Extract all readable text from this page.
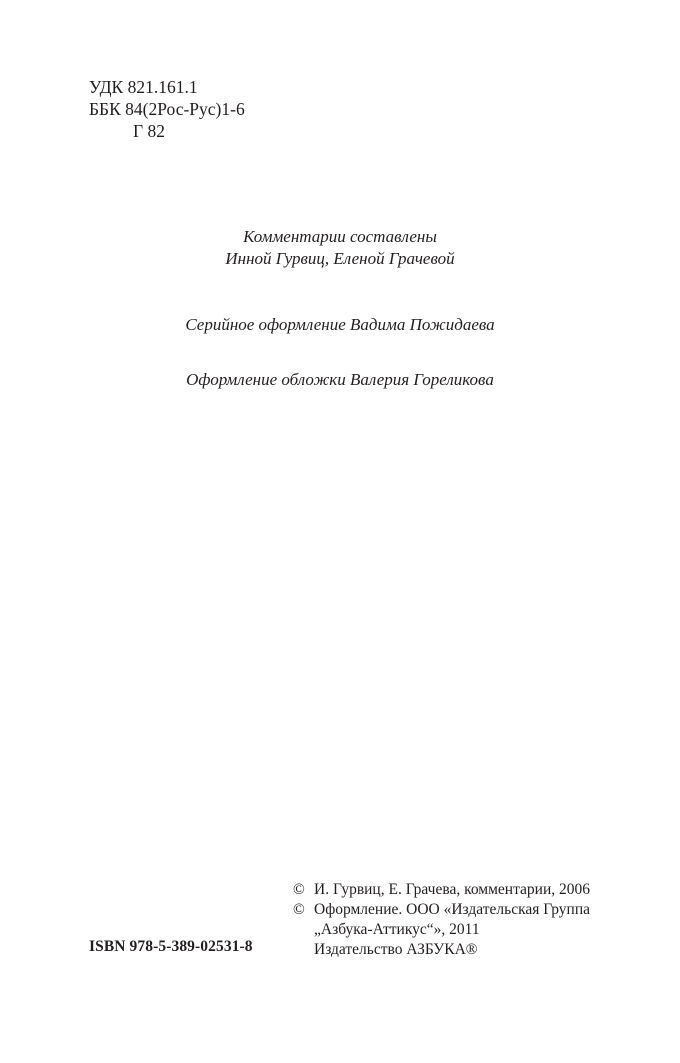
УДК 821.161.1
ББК 84(2Рос-Рус)1-6
Г 82
Комментарии составлены
Инной Гурвиц, Еленой Грачевой
Серийное оформление Вадима Пожидаева
Оформление обложки Валерия Гореликова
ISBN 978-5-389-02531-8
© И. Гурвиц, Е. Грачева, комментарии, 2006
© Оформление. ООО «Издательская Группа
„Азбука-Аттикус“», 2011
Издательство АЗБУКА®
